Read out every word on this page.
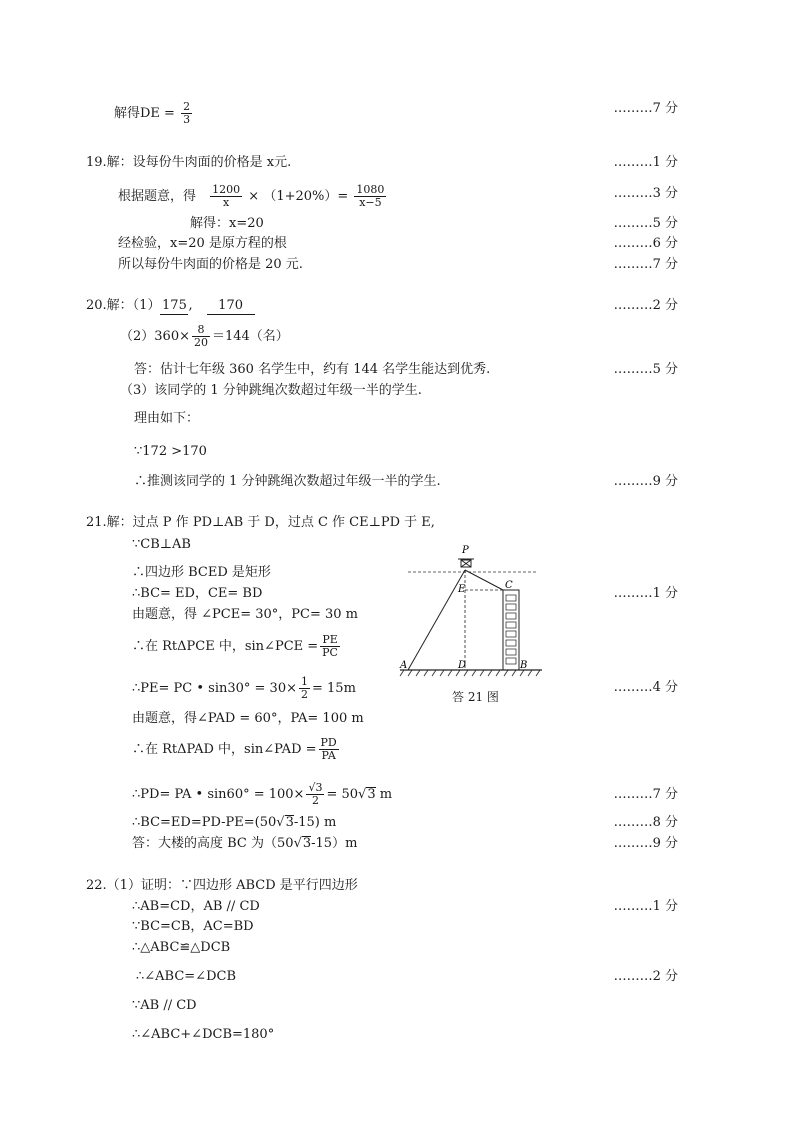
解得DE = $\frac{2}{3}$	………7 分
19.解：设每份牛肉面的价格是 x元.	………1 分
根据题意，得 $\frac{1200}{x} \times (1+20\%)= \frac{1080}{x-5}$	………3 分
解得：x=20	………5 分
经检验，x=20 是原方程的根	………6 分
所以每份牛肉面的价格是 20 元.	………7 分
20.解：（1） 175 , 170	………2 分
$(2)360\times \frac{8}{20} =144$（名）
答：估计七年级 360 名学生中，约有 144 名学生能达到优秀.	………5 分
（3）该同学的 1 分钟跳绳次数超过年级一半的学生.
理由如下：
∵172 >170
∴推测该同学的 1 分钟跳绳次数超过年级一半的学生.	………9 分
21.解：过点 P 作 PD⊥AB 于 D，过点 C 作 CE⊥PD 于 E,
∵CB⊥AB
∴四边形 BCED 是矩形
∴BC= ED，CE= BD	………1 分
由题意，得 ∠PCE= 30°，PC= 30 m
∴在 RtΔPCE 中，sin∠PCE = $\frac{PE}{PC}$
∴PE= PC • $\sin 30^\circ = 30\times \frac{1}{2} = 15m$	………4 分
由题意，得∠PAD = 60°，PA= 100 m
∴在 RtΔPAD 中，sin∠PAD = $\frac{PD}{PA}$
∴PD= PA • $\sin 60^\circ = 100\times \frac{√3}{2} = 50√3$ m	………7 分
∴BC=ED=PD-PE=(50√3-15) m	………8 分
答：大楼的高度 BC 为（50√3-15）m	………9 分
P
C
E
A	D	B
答 21 图
22.（1）证明：∵四边形 ABCD 是平行四边形
∴AB=CD，AB // CD	………1 分
∵BC=CB，AC=BD
∴△ABC≌△DCB
∴∠ABC=∠DCB	………2 分
∵AB // CD
∴∠ABC+∠DCB=180°
